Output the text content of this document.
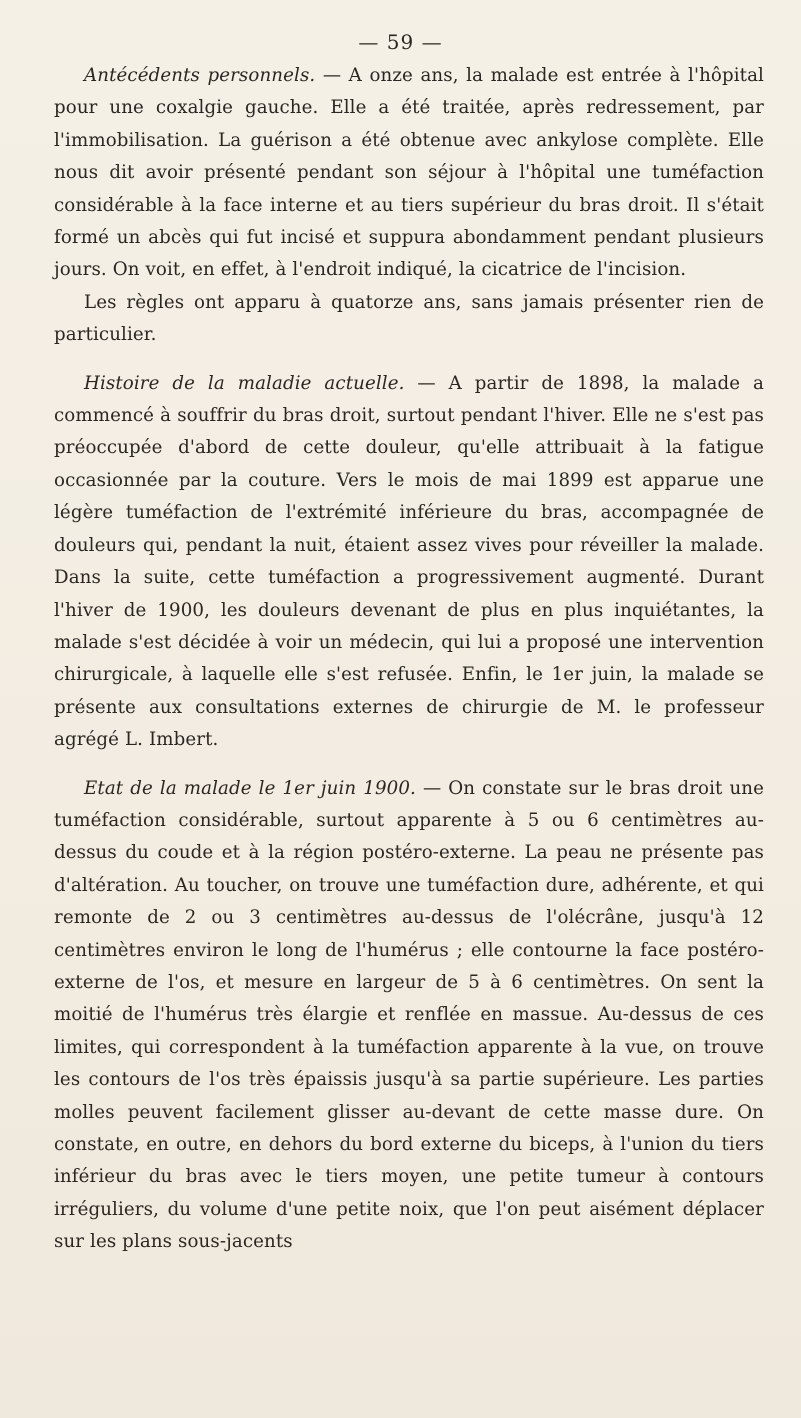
— 59 —

Antécédents personnels. — A onze ans, la malade est entrée à l'hôpital pour une coxalgie gauche. Elle a été traitée, après redressement, par l'immobilisation. La guérison a été obtenue avec ankylose complète. Elle nous dit avoir présenté pendant son séjour à l'hôpital une tuméfaction considérable à la face interne et au tiers supérieur du bras droit. Il s'était formé un abcès qui fut incisé et suppura abondamment pendant plusieurs jours. On voit, en effet, à l'endroit indiqué, la cicatrice de l'incision.

Les règles ont apparu à quatorze ans, sans jamais présenter rien de particulier.

Histoire de la maladie actuelle. — A partir de 1898, la malade a commencé à souffrir du bras droit, surtout pendant l'hiver. Elle ne s'est pas préoccupée d'abord de cette douleur, qu'elle attribuait à la fatigue occasionnée par la couture. Vers le mois de mai 1899 est apparue une légère tuméfaction de l'extrémité inférieure du bras, accompagnée de douleurs qui, pendant la nuit, étaient assez vives pour réveiller la malade. Dans la suite, cette tuméfaction a progressivement augmenté. Durant l'hiver de 1900, les douleurs devenant de plus en plus inquiétantes, la malade s'est décidée à voir un médecin, qui lui a proposé une intervention chirurgicale, à laquelle elle s'est refusée. Enfin, le 1er juin, la malade se présente aux consultations externes de chirurgie de M. le professeur agrégé L. Imbert.

Etat de la malade le 1er juin 1900. — On constate sur le bras droit une tuméfaction considérable, surtout apparente à 5 ou 6 centimètres au-dessus du coude et à la région postéro-externe. La peau ne présente pas d'altération. Au toucher, on trouve une tuméfaction dure, adhérente, et qui remonte de 2 ou 3 centimètres au-dessus de l'olécrâne, jusqu'à 12 centimètres environ le long de l'humérus ; elle contourne la face postéro-externe de l'os, et mesure en largeur de 5 à 6 centimètres. On sent la moitié de l'humérus très élargie et renflée en massue. Au-dessus de ces limites, qui correspondent à la tuméfaction apparente à la vue, on trouve les contours de l'os très épaissis jusqu'à sa partie supérieure. Les parties molles peuvent facilement glisser au-devant de cette masse dure. On constate, en outre, en dehors du bord externe du biceps, à l'union du tiers inférieur du bras avec le tiers moyen, une petite tumeur à contours irréguliers, du volume d'une petite noix, que l'on peut aisément déplacer sur les plans sous-jacents
